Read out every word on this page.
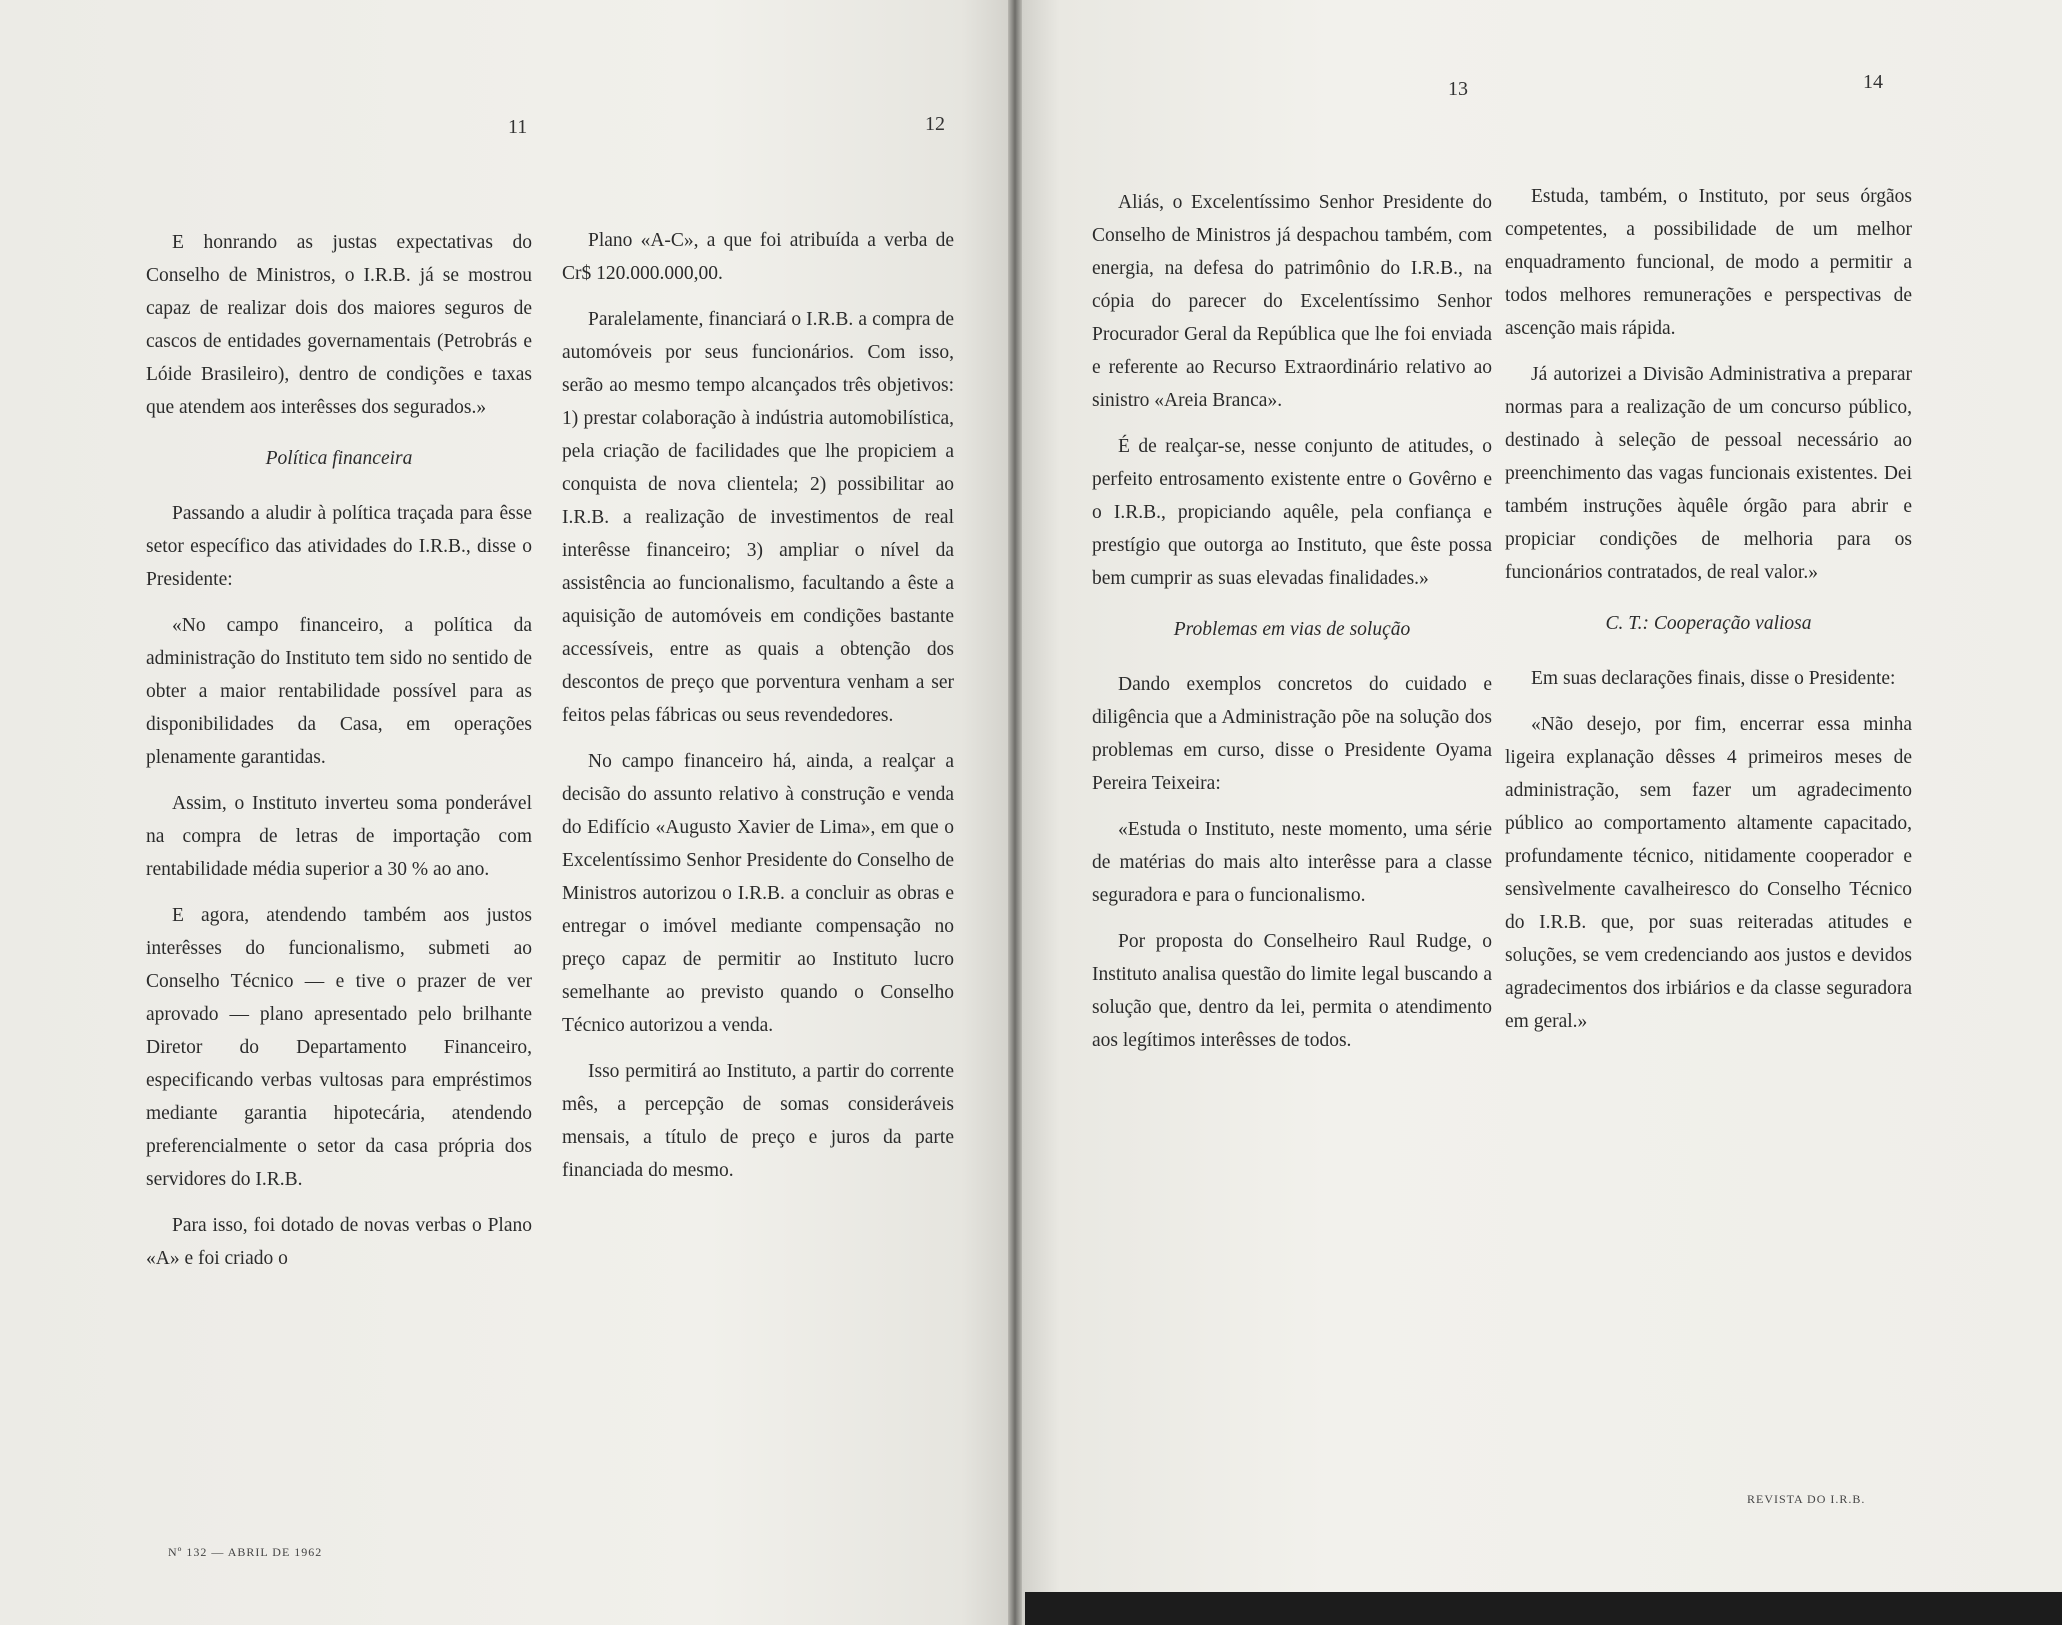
11	12
13	14

E honrando as justas expectativas do Conselho de Ministros, o I.R.B. já se mostrou capaz de realizar dois dos maiores seguros de cascos de entidades governamentais (Petrobrás e Lóide Brasileiro), dentro de condições e taxas que atendem aos interêsses dos segurados.»

Política financeira

Passando a aludir à política traçada para êsse setor específico das atividades do I.R.B., disse o Presidente:

«No campo financeiro, a política da administração do Instituto tem sido no sentido de obter a maior rentabilidade possível para as disponibilidades da Casa, em operações plenamente garantidas.

Assim, o Instituto inverteu soma ponderável na compra de letras de importação com rentabilidade média superior a 30 % ao ano.

E agora, atendendo também aos justos interêsses do funcionalismo, submeti ao Conselho Técnico — e tive o prazer de ver aprovado — plano apresentado pelo brilhante Diretor do Departamento Financeiro, especificando verbas vultosas para empréstimos mediante garantia hipotecária, atendendo preferencialmente o setor da casa própria dos servidores do I.R.B.

Para isso, foi dotado de novas verbas o Plano «A» e foi criado o

Plano «A-C», a que foi atribuída a verba de Cr$ 120.000.000,00.

Paralelamente, financiará o I.R.B. a compra de automóveis por seus funcionários. Com isso, serão ao mesmo tempo alcançados três objetivos: 1) prestar colaboração à indústria automobilística, pela criação de facilidades que lhe propiciem a conquista de nova clientela; 2) possibilitar ao I.R.B. a realização de investimentos de real interêsse financeiro; 3) ampliar o nível da assistência ao funcionalismo, facultando a êste a aquisição de automóveis em condições bastante accessíveis, entre as quais a obtenção dos descontos de preço que porventura venham a ser feitos pelas fábricas ou seus revendedores.

No campo financeiro há, ainda, a realçar a decisão do assunto relativo à construção e venda do Edifício «Augusto Xavier de Lima», em que o Excelentíssimo Senhor Presidente do Conselho de Ministros autorizou o I.R.B. a concluir as obras e entregar o imóvel mediante compensação no preço capaz de permitir ao Instituto lucro semelhante ao previsto quando o Conselho Técnico autorizou a venda.

Isso permitirá ao Instituto, a partir do corrente mês, a percepção de somas consideráveis mensais, a título de preço e juros da parte financiada do mesmo.

Aliás, o Excelentíssimo Senhor Presidente do Conselho de Ministros já despachou também, com energia, na defesa do patrimônio do I.R.B., na cópia do parecer do Excelentíssimo Senhor Procurador Geral da República que lhe foi enviada e referente ao Recurso Extraordinário relativo ao sinistro «Areia Branca».

É de realçar-se, nesse conjunto de atitudes, o perfeito entrosamento existente entre o Govêrno e o I.R.B., propiciando aquêle, pela confiança e prestígio que outorga ao Instituto, que êste possa bem cumprir as suas elevadas finalidades.»

Problemas em vias de solução

Dando exemplos concretos do cuidado e diligência que a Administração põe na solução dos problemas em curso, disse o Presidente Oyama Pereira Teixeira:

«Estuda o Instituto, neste momento, uma série de matérias do mais alto interêsse para a classe seguradora e para o funcionalismo.

Por proposta do Conselheiro Raul Rudge, o Instituto analisa questão do limite legal buscando a solução que, dentro da lei, permita o atendimento aos legítimos interêsses de todos.

Estuda, também, o Instituto, por seus órgãos competentes, a possibilidade de um melhor enquadramento funcional, de modo a permitir a todos melhores remunerações e perspectivas de ascenção mais rápida.

Já autorizei a Divisão Administrativa a preparar normas para a realização de um concurso público, destinado à seleção de pessoal necessário ao preenchimento das vagas funcionais existentes. Dei também instruções àquêle órgão para abrir e propiciar condições de melhoria para os funcionários contratados, de real valor.»

C. T.: Cooperação valiosa

Em suas declarações finais, disse o Presidente:

«Não desejo, por fim, encerrar essa minha ligeira explanação dêsses 4 primeiros meses de administração, sem fazer um agradecimento público ao comportamento altamente capacitado, profundamente técnico, nitidamente cooperador e sensìvelmente cavalheiresco do Conselho Técnico do I.R.B. que, por suas reiteradas atitudes e soluções, se vem credenciando aos justos e devidos agradecimentos dos irbiários e da classe seguradora em geral.»

Nº 132 — ABRIL DE 1962
REVISTA DO I.R.B.
